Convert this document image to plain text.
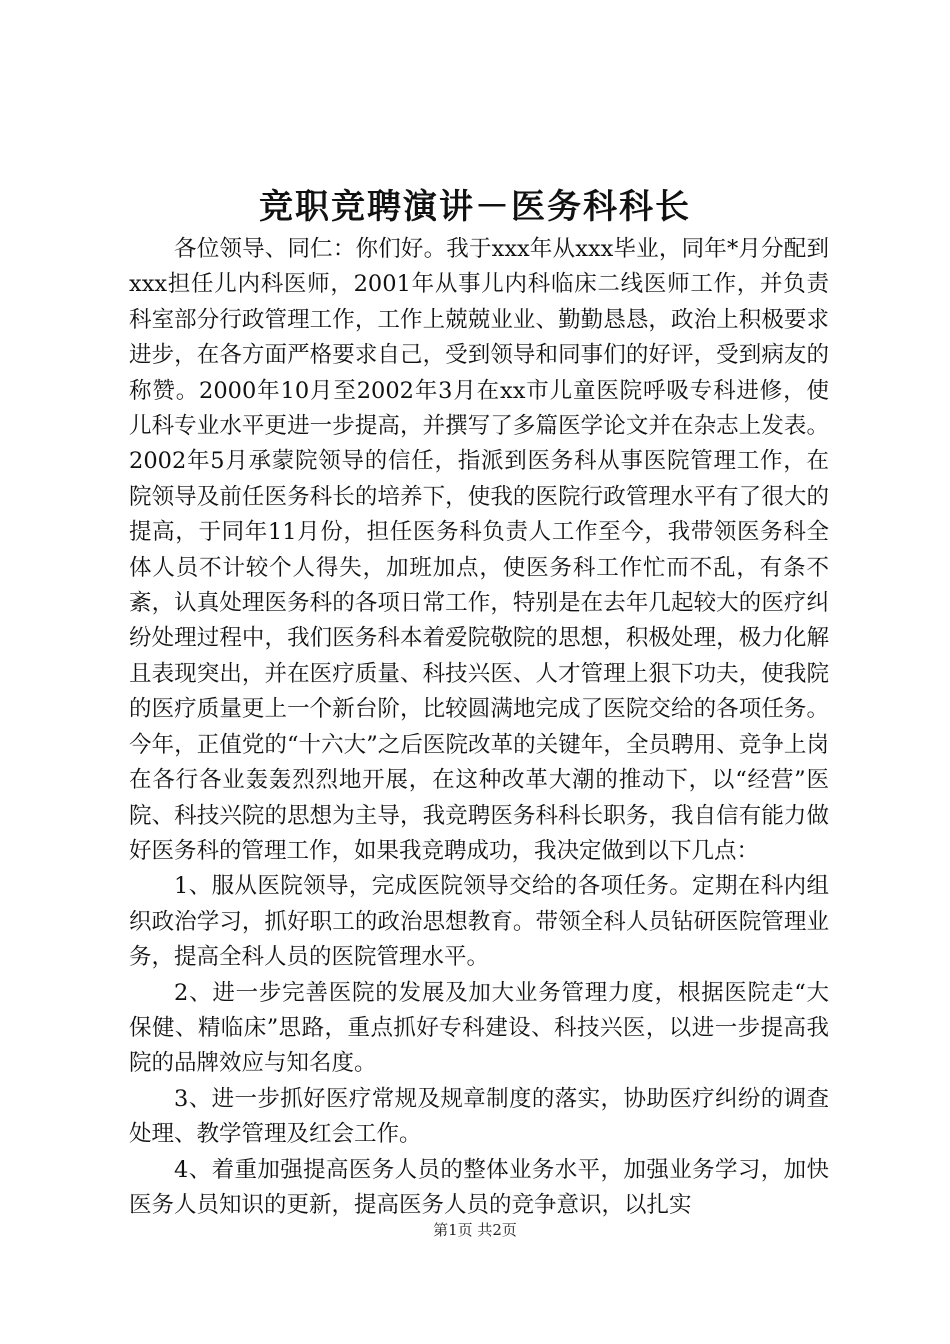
竞职竞聘演讲－医务科科长

各位领导、同仁：你们好。我于xxx年从xxx毕业，同年*月分配到xxx担任儿内科医师，2001年从事儿内科临床二线医师工作，并负责科室部分行政管理工作，工作上兢兢业业、勤勤恳恳，政治上积极要求进步，在各方面严格要求自己，受到领导和同事们的好评，受到病友的称赞。2000年10月至2002年3月在xx市儿童医院呼吸专科进修，使儿科专业水平更进一步提高，并撰写了多篇医学论文并在杂志上发表。2002年5月承蒙院领导的信任，指派到医务科从事医院管理工作，在院领导及前任医务科长的培养下，使我的医院行政管理水平有了很大的提高，于同年11月份，担任医务科负责人工作至今，我带领医务科全体人员不计较个人得失，加班加点，使医务科工作忙而不乱，有条不紊，认真处理医务科的各项日常工作，特别是在去年几起较大的医疗纠纷处理过程中，我们医务科本着爱院敬院的思想，积极处理，极力化解且表现突出，并在医疗质量、科技兴医、人才管理上狠下功夫，使我院的医疗质量更上一个新台阶，比较圆满地完成了医院交给的各项任务。今年，正值党的“十六大”之后医院改革的关键年，全员聘用、竞争上岗在各行各业轰轰烈烈地开展，在这种改革大潮的推动下，以“经营”医院、科技兴院的思想为主导，我竞聘医务科科长职务，我自信有能力做好医务科的管理工作，如果我竞聘成功，我决定做到以下几点：

1、服从医院领导，完成医院领导交给的各项任务。定期在科内组织政治学习，抓好职工的政治思想教育。带领全科人员钻研医院管理业务，提高全科人员的医院管理水平。

2、进一步完善医院的发展及加大业务管理力度，根据医院走“大保健、精临床”思路，重点抓好专科建设、科技兴医，以进一步提高我院的品牌效应与知名度。

3、进一步抓好医疗常规及规章制度的落实，协助医疗纠纷的调查处理、教学管理及红会工作。

4、着重加强提高医务人员的整体业务水平，加强业务学习，加快医务人员知识的更新，提高医务人员的竞争意识，以扎实

第1页 共2页
